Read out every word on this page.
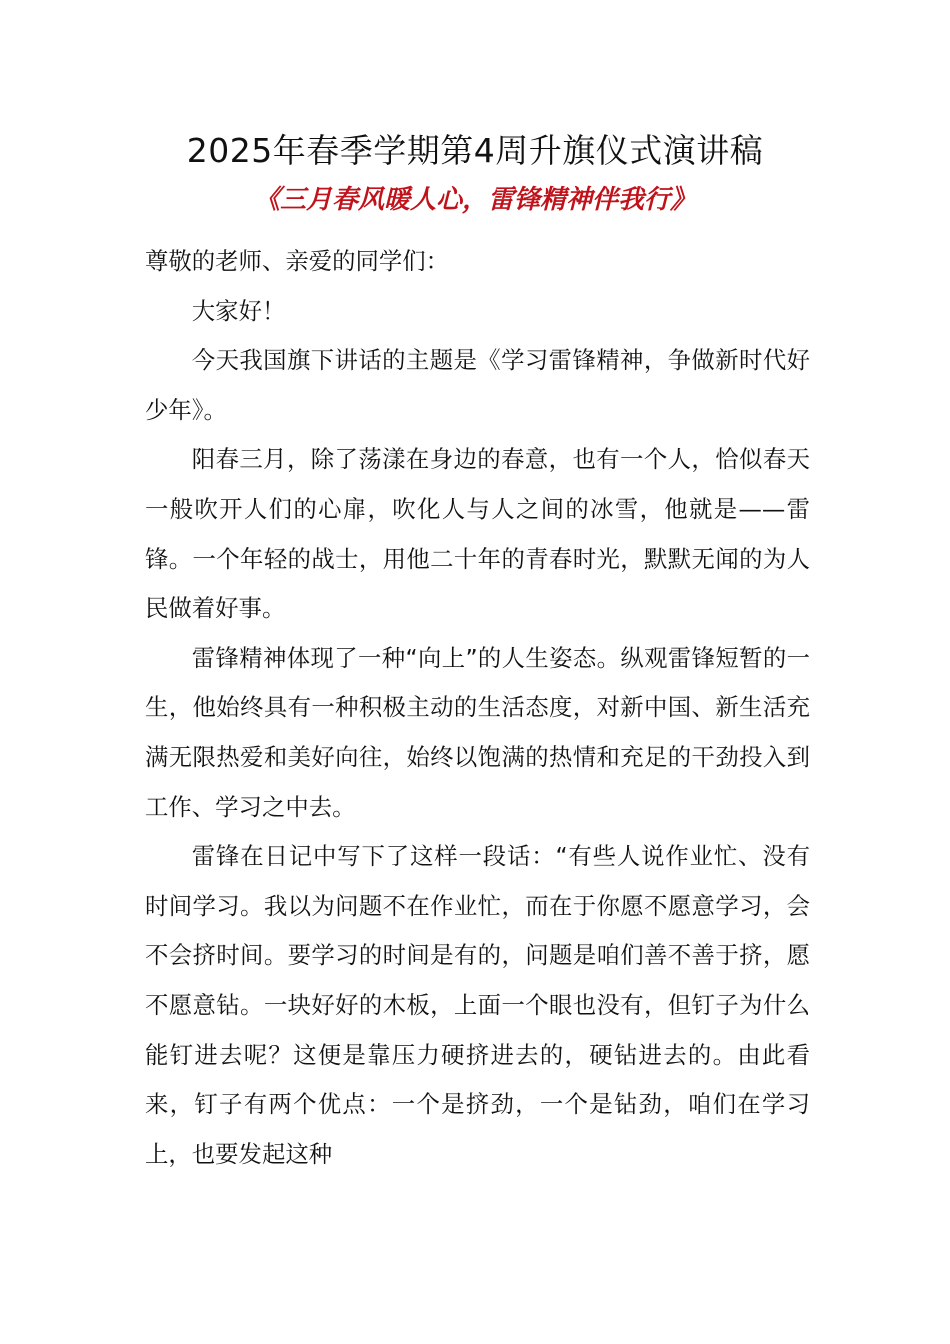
2025年春季学期第4周升旗仪式演讲稿
《三月春风暖人心，雷锋精神伴我行》

尊敬的老师、亲爱的同学们：

大家好！

今天我国旗下讲话的主题是《学习雷锋精神，争做新时代好少年》。

阳春三月，除了荡漾在身边的春意，也有一个人，恰似春天一般吹开人们的心扉，吹化人与人之间的冰雪，他就是——雷锋。一个年轻的战士，用他二十年的青春时光，默默无闻的为人民做着好事。

雷锋精神体现了一种“向上”的人生姿态。纵观雷锋短暂的一生，他始终具有一种积极主动的生活态度，对新中国、新生活充满无限热爱和美好向往，始终以饱满的热情和充足的干劲投入到工作、学习之中去。

雷锋在日记中写下了这样一段话：“有些人说作业忙、没有时间学习。我以为问题不在作业忙，而在于你愿不愿意学习，会不会挤时间。要学习的时间是有的，问题是咱们善不善于挤，愿不愿意钻。一块好好的木板，上面一个眼也没有，但钉子为什么能钉进去呢？这便是靠压力硬挤进去的，硬钻进去的。由此看来，钉子有两个优点：一个是挤劲，一个是钻劲，咱们在学习上，也要发起这种
